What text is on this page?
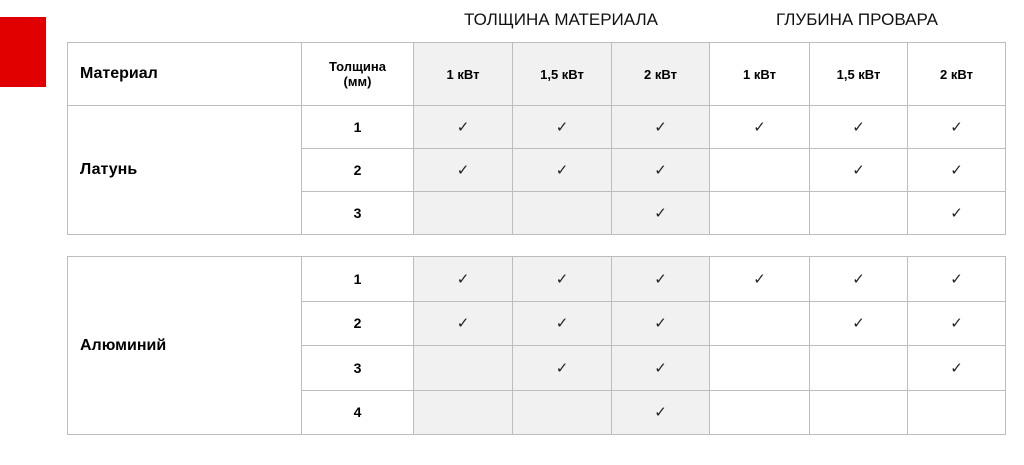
ТОЛЩИНА МАТЕРИАЛА	ГЛУБИНА ПРОВАРА
Материал	Толщина (мм)	1 кВт	1,5 кВт	2 кВт	1 кВт	1,5 кВт	2 кВт
Латунь	1	✓	✓	✓	✓	✓	✓
	2	✓	✓	✓		✓	✓
	3			✓			✓
Алюминий	1	✓	✓	✓	✓	✓	✓
	2	✓	✓	✓		✓	✓
	3		✓	✓			✓
	4			✓			
